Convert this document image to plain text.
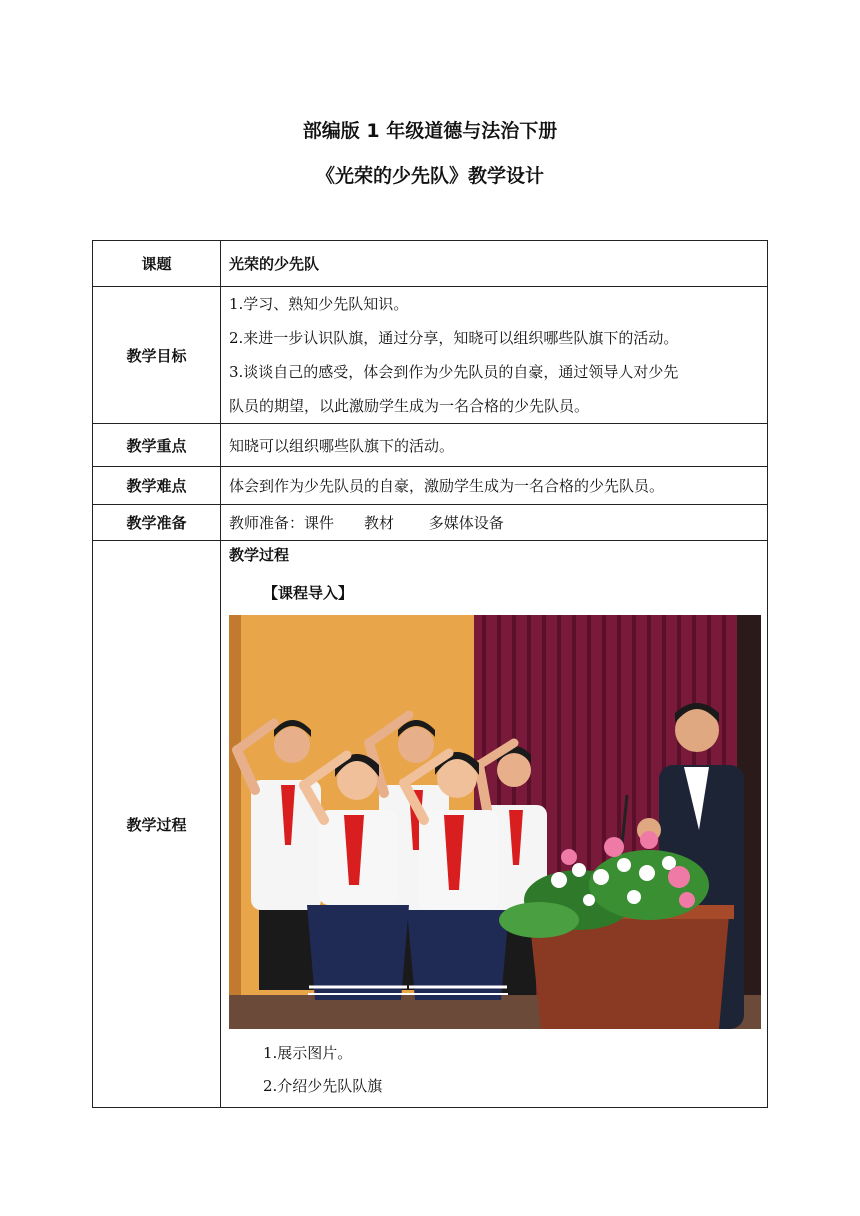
部编版 1 年级道德与法治下册
《光荣的少先队》教学设计
课题	光荣的少先队
教学目标	1.学习、熟知少先队知识。
2.来进一步认识队旗，通过分享，知晓可以组织哪些队旗下的活动。
3.谈谈自己的感受，体会到作为少先队员的自豪，通过领导人对少先
队员的期望，以此激励学生成为一名合格的少先队员。

教学重点	知晓可以组织哪些队旗下的活动。
教学难点	体会到作为少先队员的自豪，激励学生成为一名合格的少先队员。
教学准备	教师准备：课件　　教材　　 多媒体设备
教学过程	教学过程
【课程导入】
1.展示图片。
2.介绍少先队队旗
